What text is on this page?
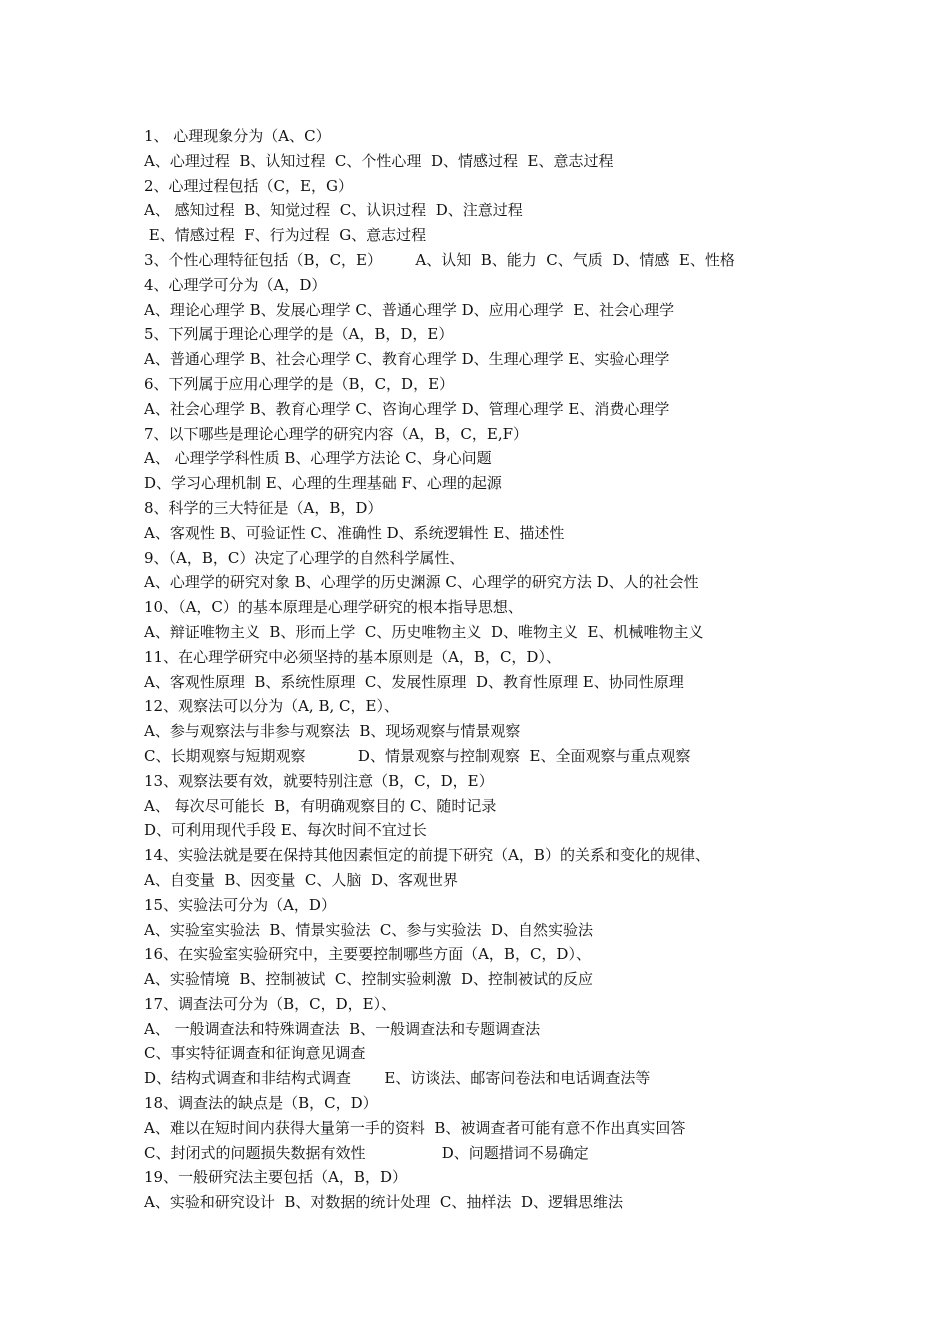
1、 心理现象分为（A、C）
A、心理过程  B、认知过程  C、个性心理  D、情感过程  E、意志过程
2、心理过程包括（C，E，G）
A、 感知过程  B、知觉过程  C、认识过程  D、注意过程
E、情感过程  F、行为过程  G、意志过程
3、个性心理特征包括（B，C，E）       A、认知  B、能力  C、气质  D、情感  E、性格
4、心理学可分为（A，D）
A、理论心理学 B、发展心理学 C、普通心理学 D、应用心理学  E、社会心理学
5、下列属于理论心理学的是（A，B，D，E）
A、普通心理学 B、社会心理学 C、教育心理学 D、生理心理学 E、实验心理学
6、下列属于应用心理学的是（B，C，D，E）
A、社会心理学 B、教育心理学 C、咨询心理学 D、管理心理学 E、消费心理学
7、以下哪些是理论心理学的研究内容（A，B，C，E,F）
A、 心理学学科性质 B、心理学方法论 C、身心问题
D、学习心理机制 E、心理的生理基础 F、心理的起源
8、科学的三大特征是（A，B，D）
A、客观性 B、可验证性 C、准确性 D、系统逻辑性 E、描述性
9、（A，B，C）决定了心理学的自然科学属性、
A、心理学的研究对象 B、心理学的历史渊源 C、心理学的研究方法 D、人的社会性
10、（A，C）的基本原理是心理学研究的根本指导思想、
A、辩证唯物主义  B、形而上学  C、历史唯物主义  D、唯物主义  E、机械唯物主义
11、在心理学研究中必须坚持的基本原则是（A，B，C，D）、
A、客观性原理  B、系统性原理  C、发展性原理  D、教育性原理 E、协同性原理
12、观察法可以分为（A, B, C，E）、
A、参与观察法与非参与观察法  B、现场观察与情景观察
C、长期观察与短期观察           D、情景观察与控制观察  E、全面观察与重点观察
13、观察法要有效，就要特别注意（B，C，D，E）
A、 每次尽可能长  B，有明确观察目的 C、随时记录
D、可利用现代手段 E、每次时间不宜过长
14、实验法就是要在保持其他因素恒定的前提下研究（A，B）的关系和变化的规律、
A、自变量  B、因变量  C、人脑  D、客观世界
15、实验法可分为（A，D）
A、实验室实验法  B、情景实验法  C、参与实验法  D、自然实验法
16、在实验室实验研究中，主要要控制哪些方面（A，B，C，D）、
A、实验情境  B、控制被试  C、控制实验刺激  D、控制被试的反应
17、调查法可分为（B，C，D，E）、
A、 一般调查法和特殊调查法  B、一般调查法和专题调查法
C、事实特征调查和征询意见调查
D、结构式调查和非结构式调查       E、访谈法、邮寄问卷法和电话调查法等
18、调查法的缺点是（B，C，D）
A、难以在短时间内获得大量第一手的资料  B、被调查者可能有意不作出真实回答
C、封闭式的问题损失数据有效性                D、问题措词不易确定
19、一般研究法主要包括（A，B，D）
A、实验和研究设计  B、对数据的统计处理  C、抽样法  D、逻辑思维法
